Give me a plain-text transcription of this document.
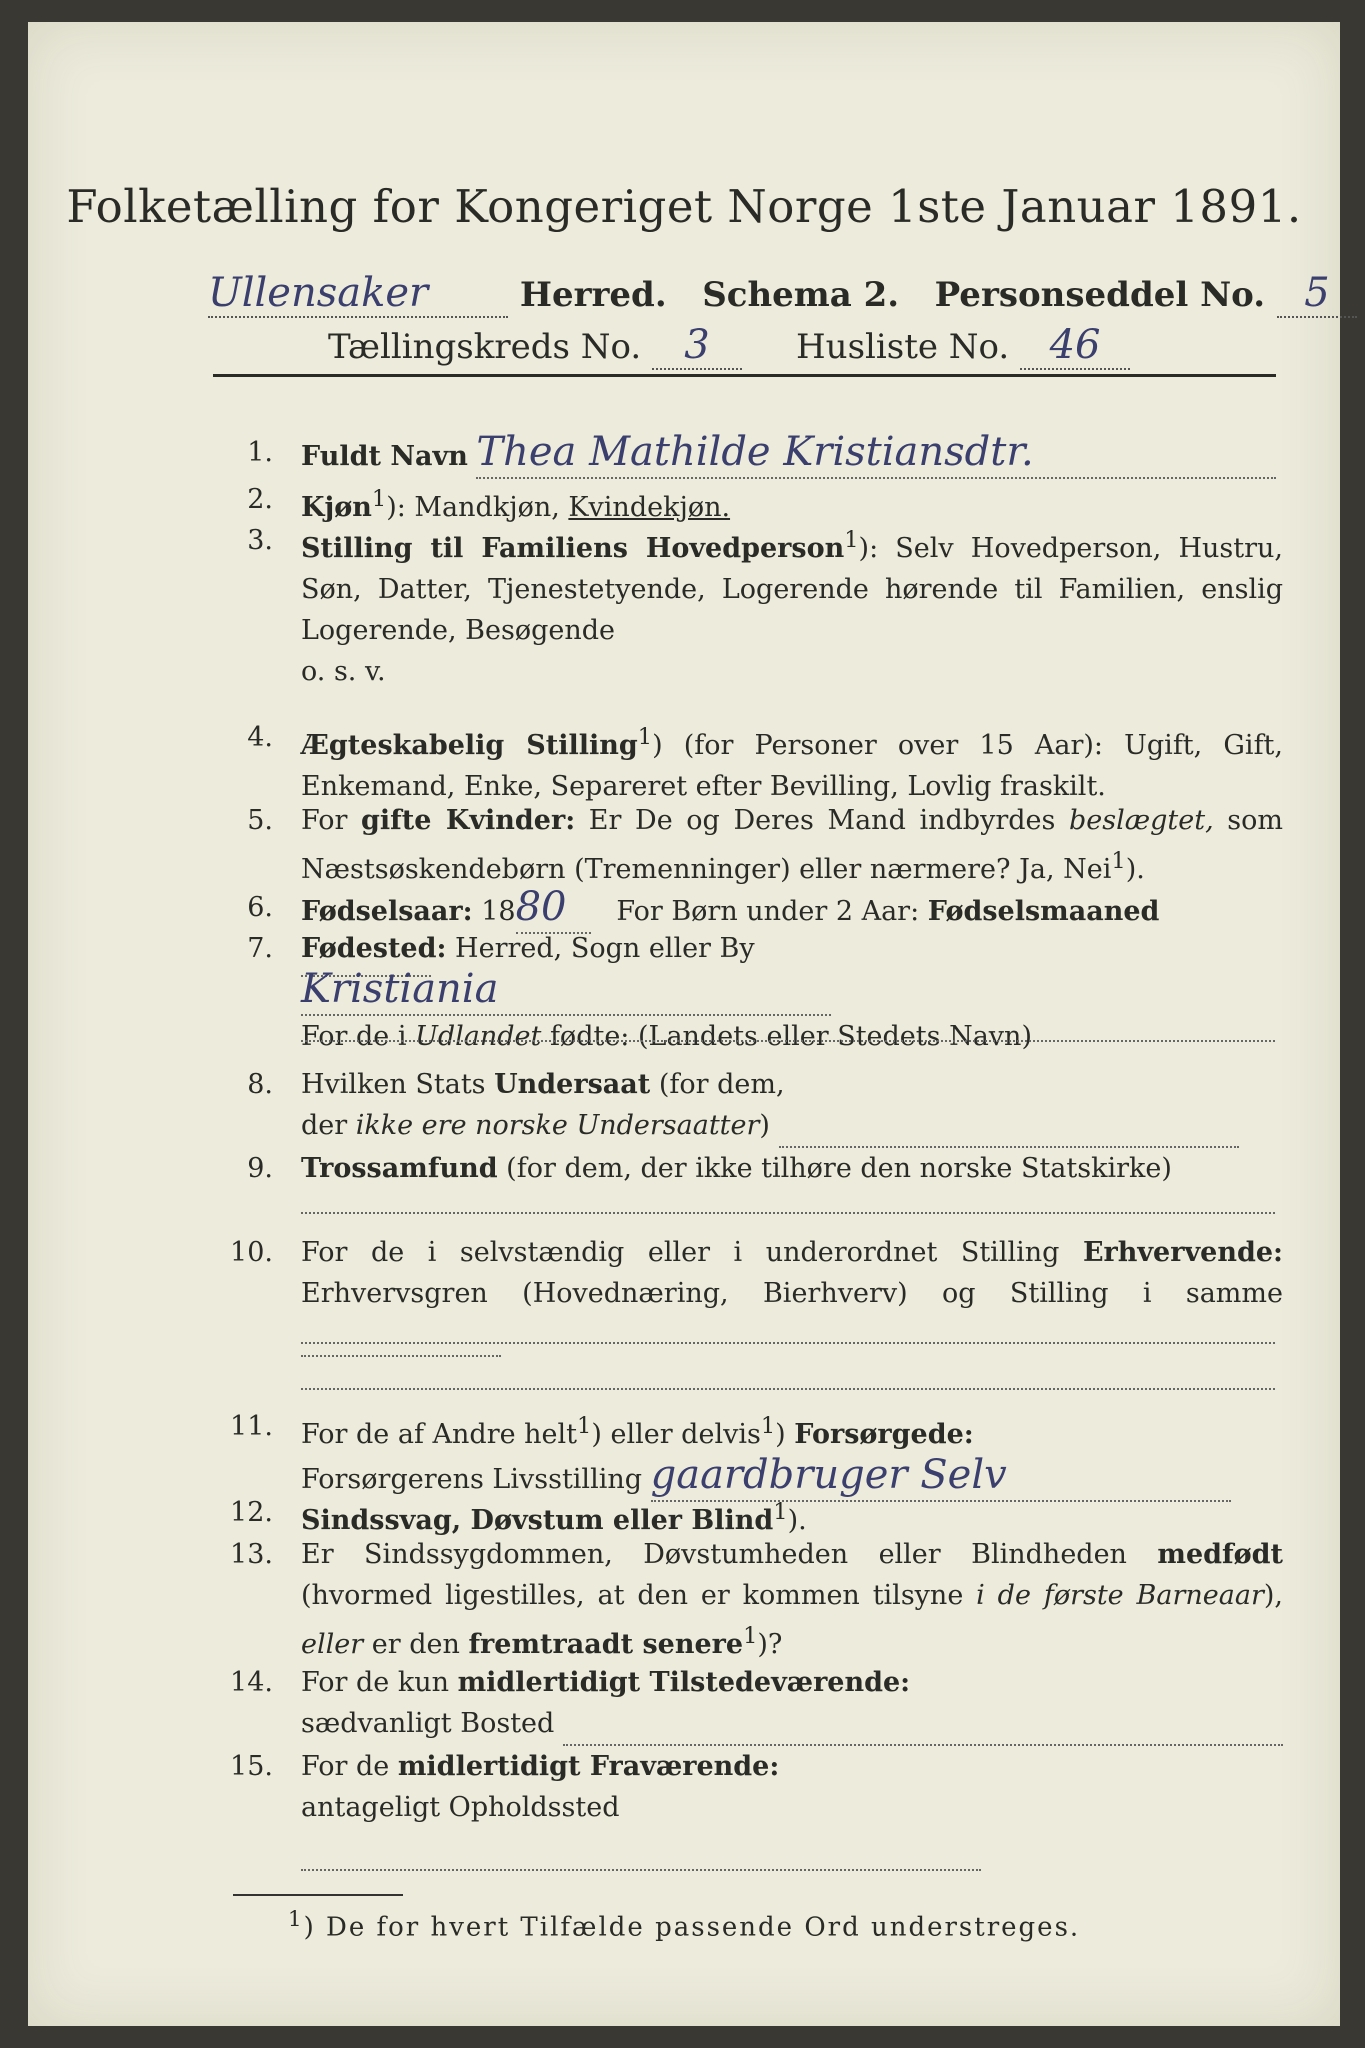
Folketælling for Kongeriget Norge 1ste Januar 1891.
Ullensaker	Herred. Schema 2. Personseddel No. 5
Tællingskreds No. 3	Husliste No. 46
1. Fuldt Navn Thea Mathilde Kristiansdtr.
2. Kjøn$^1$): Mandkjøn, Kvindekjøn.
3. Stilling til Familiens Hovedperson$^1$): Selv Hovedperson, Hustru, Søn, Datter, Tjenestetyende, Logerende hørende til Familien, enslig Logerende, Besøgende
o. s. v.
4. Ægteskabelig Stilling$^1$) (for Personer over 15 Aar): Ugift, Gift, Enkemand, Enke, Separeret efter Bevilling, Lovlig fraskilt.
5. For gifte Kvinder: Er De og Deres Mand indbyrdes beslægtet, som Næstsøskendebørn (Tremenninger) eller nærmere? Ja, Nei$^1$).
6. Fødselsaar: 1880 For Børn under 2 Aar: Fødselsmaaned
7. Fødested: Herred, Sogn eller By Kristiania
For de i Udlandet fødte: (Landets eller Stedets Navn)
8. Hvilken Stats Undersaat (for dem,
der ikke ere norske Undersaatter)
9. Trossamfund (for dem, der ikke tilhøre den norske Statskirke)
10. For de i selvstændig eller i underordnet Stilling Erhvervende: Erhvervsgren (Hovednæring, Bierhverv) og Stilling i samme
11. For de af Andre helt$^1$) eller delvis$^1$) Forsørgede:
Forsørgerens Livsstilling gaardbruger Selv
12. Sindssvag, Døvstum eller Blind$^1$).
13. Er Sindssygdommen, Døvstumheden eller Blindheden medfødt (hvormed ligestilles, at den er kommen tilsyne i de første Barneaar), eller er den fremtraadt senere$^1$)?
14. For de kun midlertidigt Tilstedeværende:
sædvanligt Bosted
15. For de midlertidigt Fraværende:
antageligt Opholdssted
$^1$) De for hvert Tilfælde passende Ord understreges.
